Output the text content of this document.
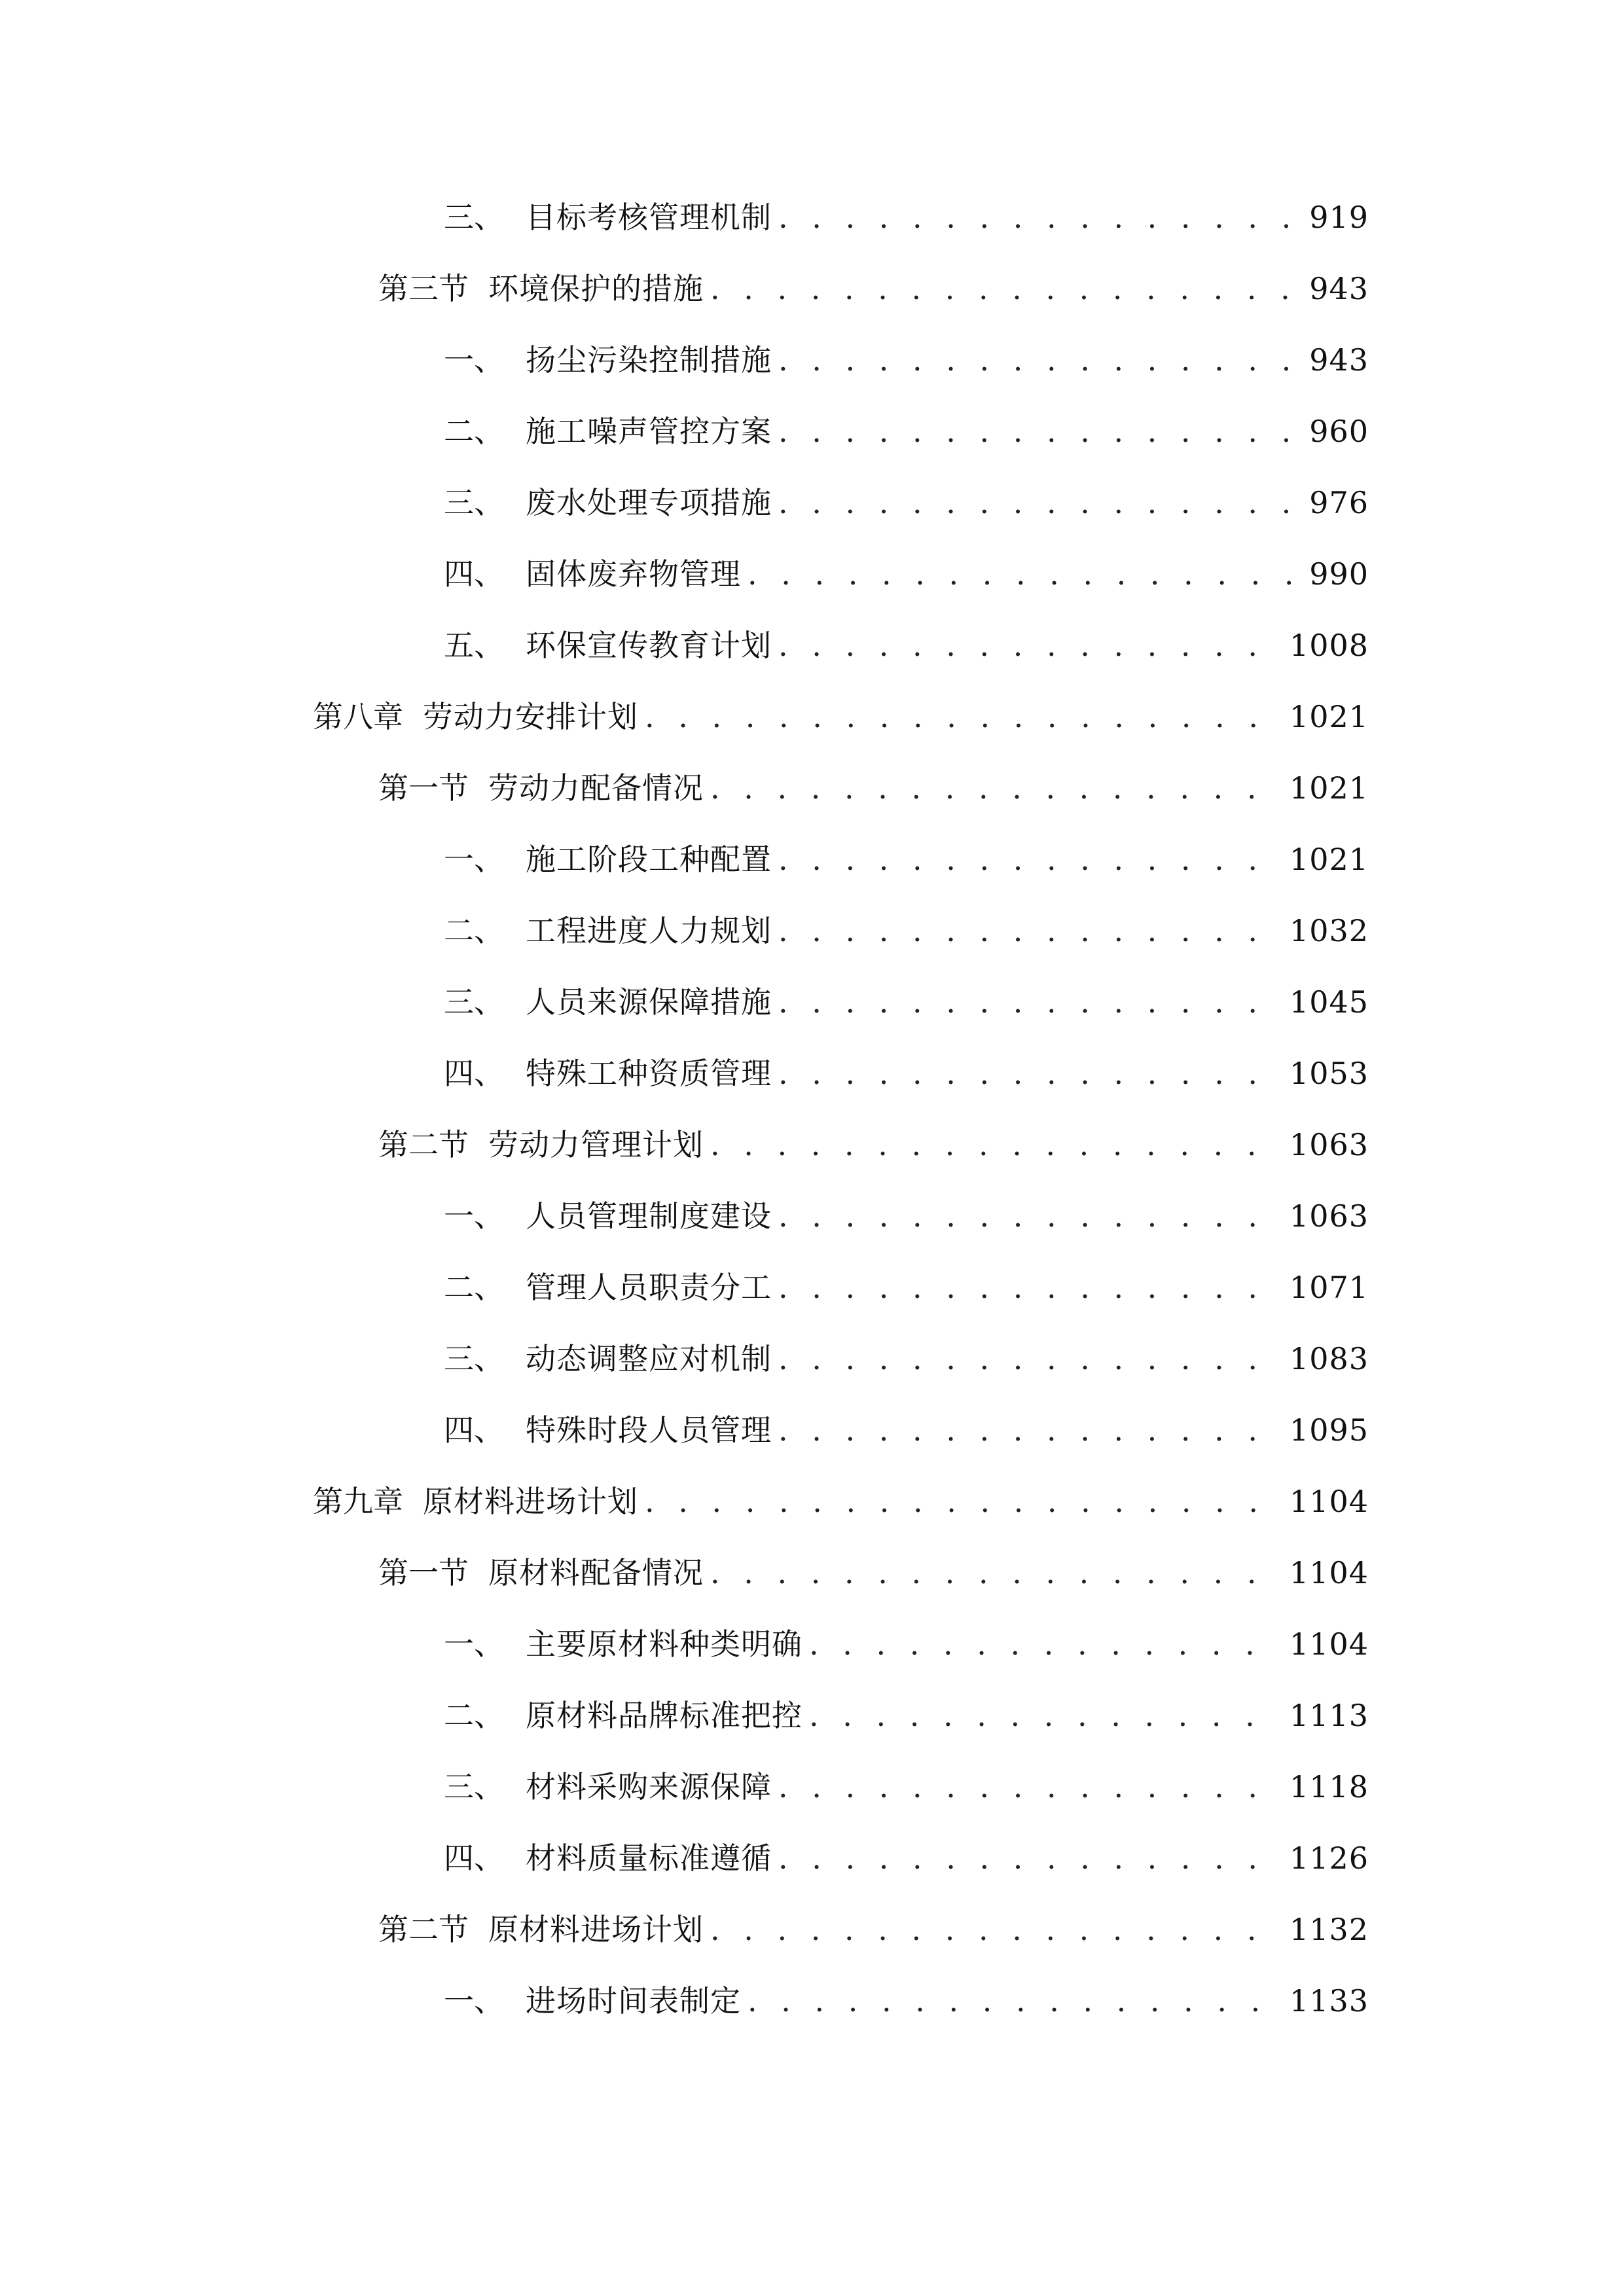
三、 目标考核管理机制 . . .	919
第三节 环境保护的措施 . . .	943
一、 扬尘污染控制措施 . . .	943
二、 施工噪声管控方案 . . .	960
三、 废水处理专项措施 . . .	976
四、 固体废弃物管理 . . .	990
五、 环保宣传教育计划 . . .	1008
第八章 劳动力安排计划 . . .	1021
第一节 劳动力配备情况 . . .	1021
一、 施工阶段工种配置 . . .	1021
二、 工程进度人力规划 . . .	1032
三、 人员来源保障措施 . . .	1045
四、 特殊工种资质管理 . . .	1053
第二节 劳动力管理计划 . . .	1063
一、 人员管理制度建设 . . .	1063
二、 管理人员职责分工 . . .	1071
三、 动态调整应对机制 . . .	1083
四、 特殊时段人员管理 . . .	1095
第九章 原材料进场计划 . . .	1104
第一节 原材料配备情况 . . .	1104
一、 主要原材料种类明确 . . .	1104
二、 原材料品牌标准把控 . . .	1113
三、 材料采购来源保障 . . .	1118
四、 材料质量标准遵循 . . .	1126
第二节 原材料进场计划 . . .	1132
一、 进场时间表制定 . . .	1133
